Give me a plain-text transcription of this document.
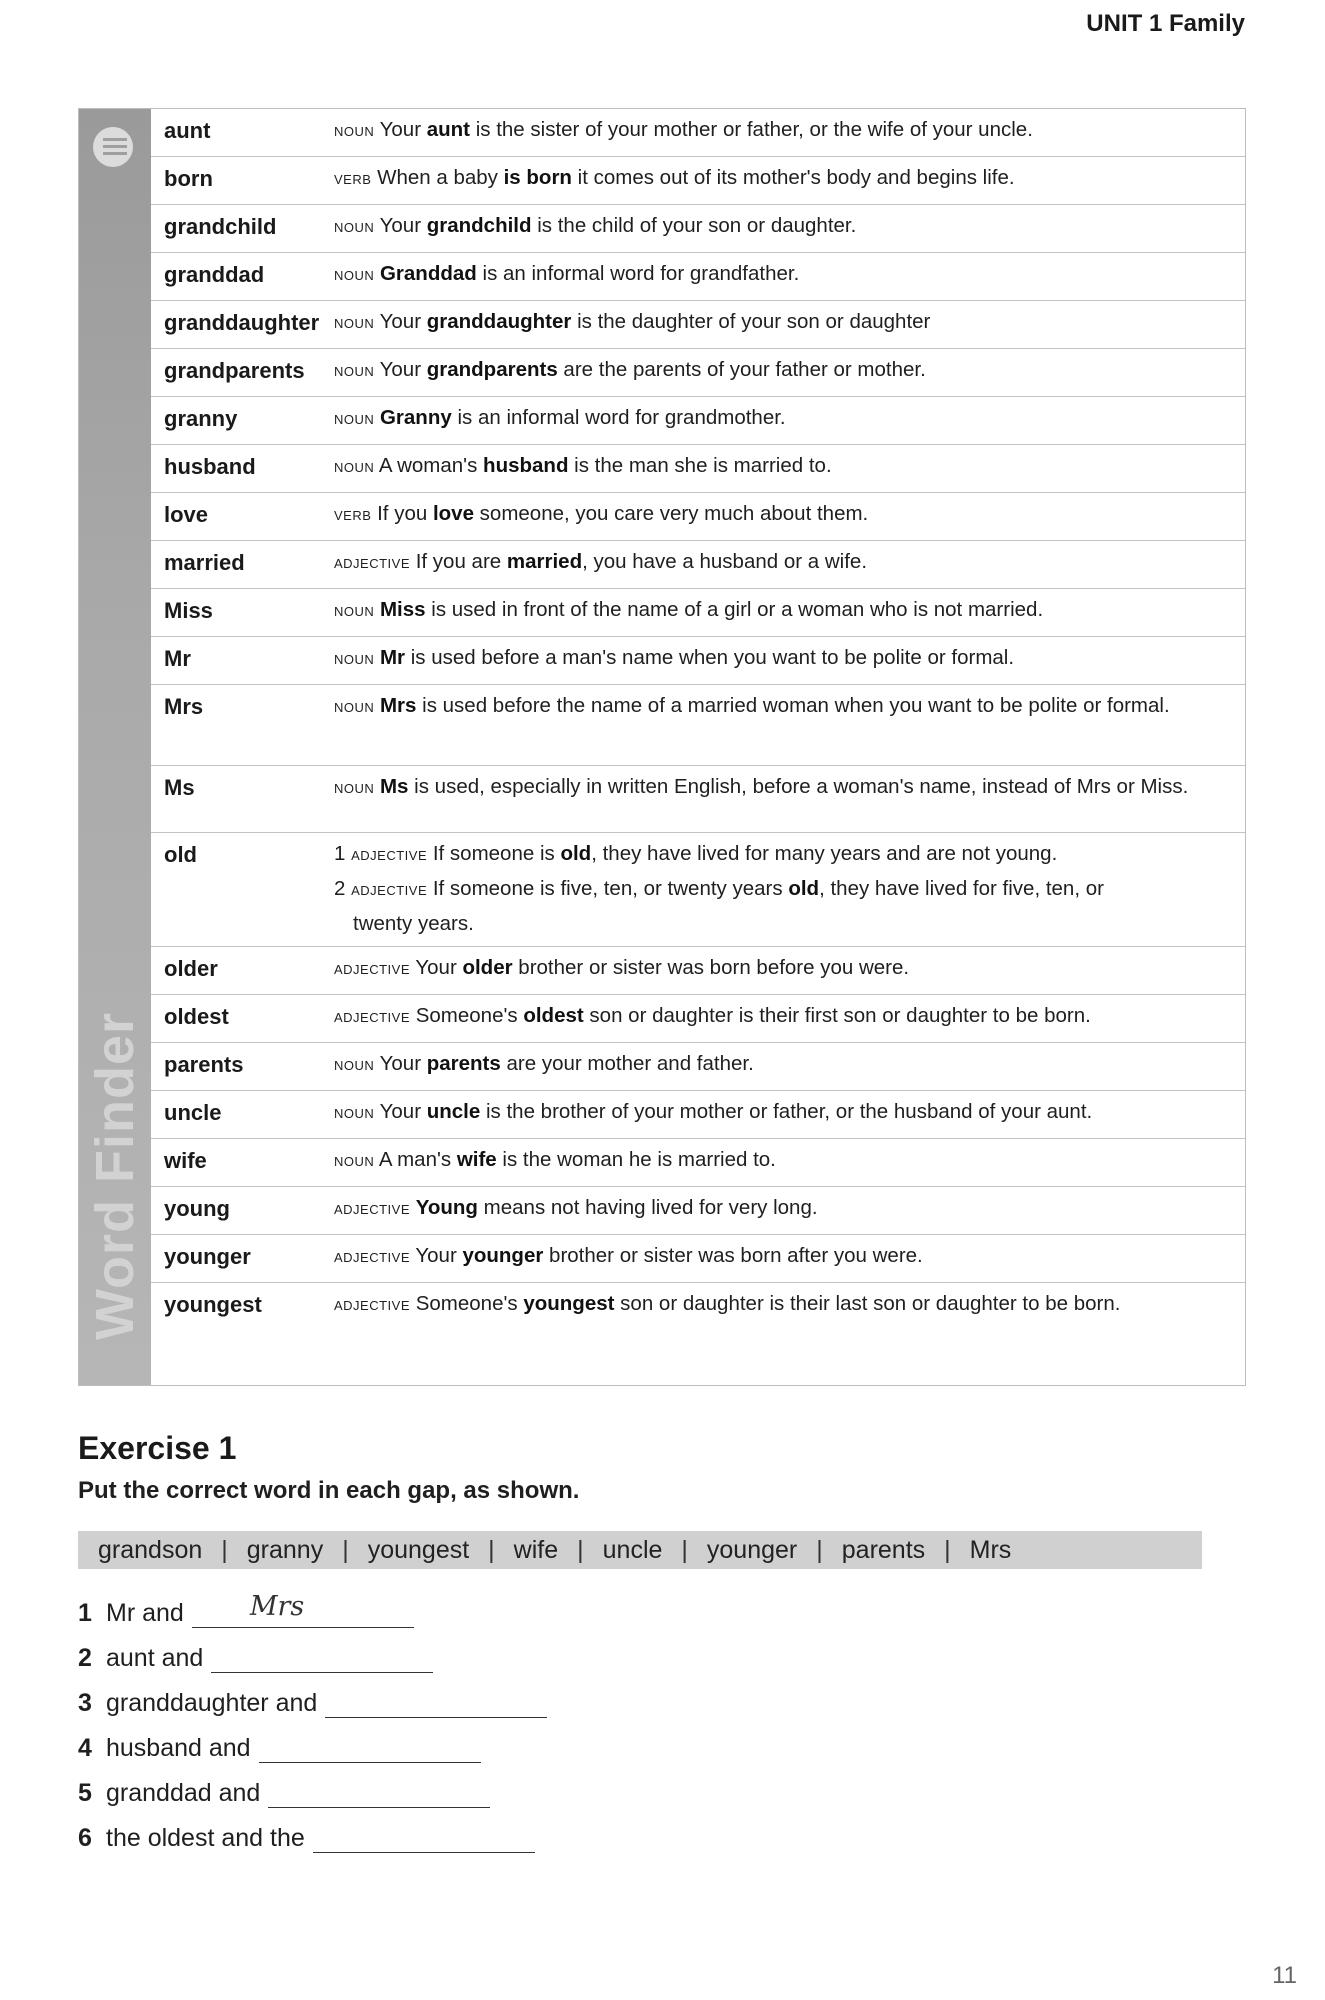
UNIT 1 Family
Word Finder
aunt	NOUN Your aunt is the sister of your mother or father, or the wife of your uncle.
born	VERB When a baby is born it comes out of its mother's body and begins life.
grandchild	NOUN Your grandchild is the child of your son or daughter.
granddad	NOUN Granddad is an informal word for grandfather.
granddaughter	NOUN Your granddaughter is the daughter of your son or daughter
grandparents	NOUN Your grandparents are the parents of your father or mother.
granny	NOUN Granny is an informal word for grandmother.
husband	NOUN A woman's husband is the man she is married to.
love	VERB If you love someone, you care very much about them.
married	ADJECTIVE If you are married, you have a husband or a wife.
Miss	NOUN Miss is used in front of the name of a girl or a woman who is not married.
Mr	NOUN Mr is used before a man's name when you want to be polite or formal.
Mrs	NOUN Mrs is used before the name of a married woman when you want to be polite or formal.
Ms	NOUN Ms is used, especially in written English, before a woman's name, instead of Mrs or Miss.
old	1 ADJECTIVE If someone is old, they have lived for many years and are not young.
2 ADJECTIVE If someone is five, ten, or twenty years old, they have lived for five, ten, or
twenty years.
older	ADJECTIVE Your older brother or sister was born before you were.
oldest	ADJECTIVE Someone's oldest son or daughter is their first son or daughter to be born.
parents	NOUN Your parents are your mother and father.
uncle	NOUN Your uncle is the brother of your mother or father, or the husband of your aunt.
wife	NOUN A man's wife is the woman he is married to.
young	ADJECTIVE Young means not having lived for very long.
younger	ADJECTIVE Your younger brother or sister was born after you were.
youngest	ADJECTIVE Someone's youngest son or daughter is their last son or daughter to be born.
Exercise 1
Put the correct word in each gap, as shown.
grandson | granny | youngest | wife | uncle | younger | parents | Mrs
1 Mr and Mrs
2 aunt and
3 granddaughter and
4 husband and
5 granddad and
6 the oldest and the
11
